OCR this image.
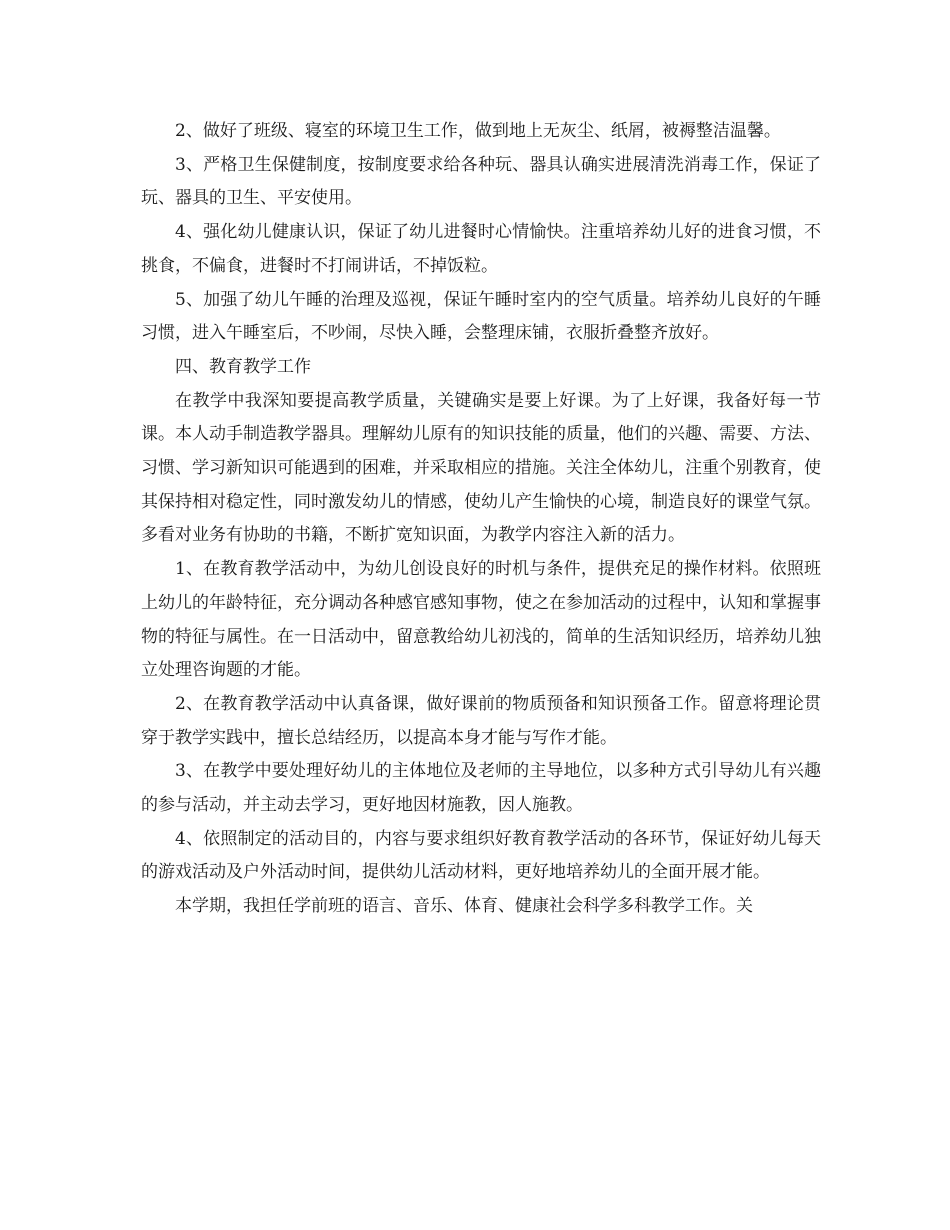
2、做好了班级、寝室的环境卫生工作，做到地上无灰尘、纸屑，被褥整洁温馨。

3、严格卫生保健制度，按制度要求给各种玩、器具认确实进展清洗消毒工作，保证了玩、器具的卫生、平安使用。

4、强化幼儿健康认识，保证了幼儿进餐时心情愉快。注重培养幼儿好的进食习惯，不挑食，不偏食，进餐时不打闹讲话，不掉饭粒。

5、加强了幼儿午睡的治理及巡视，保证午睡时室内的空气质量。培养幼儿良好的午睡习惯，进入午睡室后，不吵闹，尽快入睡，会整理床铺，衣服折叠整齐放好。

四、教育教学工作

在教学中我深知要提高教学质量，关键确实是要上好课。为了上好课，我备好每一节课。本人动手制造教学器具。理解幼儿原有的知识技能的质量，他们的兴趣、需要、方法、习惯、学习新知识可能遇到的困难，并采取相应的措施。关注全体幼儿，注重个别教育，使其保持相对稳定性，同时激发幼儿的情感，使幼儿产生愉快的心境，制造良好的课堂气氛。多看对业务有协助的书籍，不断扩宽知识面，为教学内容注入新的活力。

1、在教育教学活动中，为幼儿创设良好的时机与条件，提供充足的操作材料。依照班上幼儿的年龄特征，充分调动各种感官感知事物，使之在参加活动的过程中，认知和掌握事物的特征与属性。在一日活动中，留意教给幼儿初浅的，简单的生活知识经历，培养幼儿独立处理咨询题的才能。

2、在教育教学活动中认真备课，做好课前的物质预备和知识预备工作。留意将理论贯穿于教学实践中，擅长总结经历，以提高本身才能与写作才能。

3、在教学中要处理好幼儿的主体地位及老师的主导地位，以多种方式引导幼儿有兴趣的参与活动，并主动去学习，更好地因材施教，因人施教。

4、依照制定的活动目的，内容与要求组织好教育教学活动的各环节，保证好幼儿每天的游戏活动及户外活动时间，提供幼儿活动材料，更好地培养幼儿的全面开展才能。

本学期，我担任学前班的语言、音乐、体育、健康社会科学多科教学工作。关
